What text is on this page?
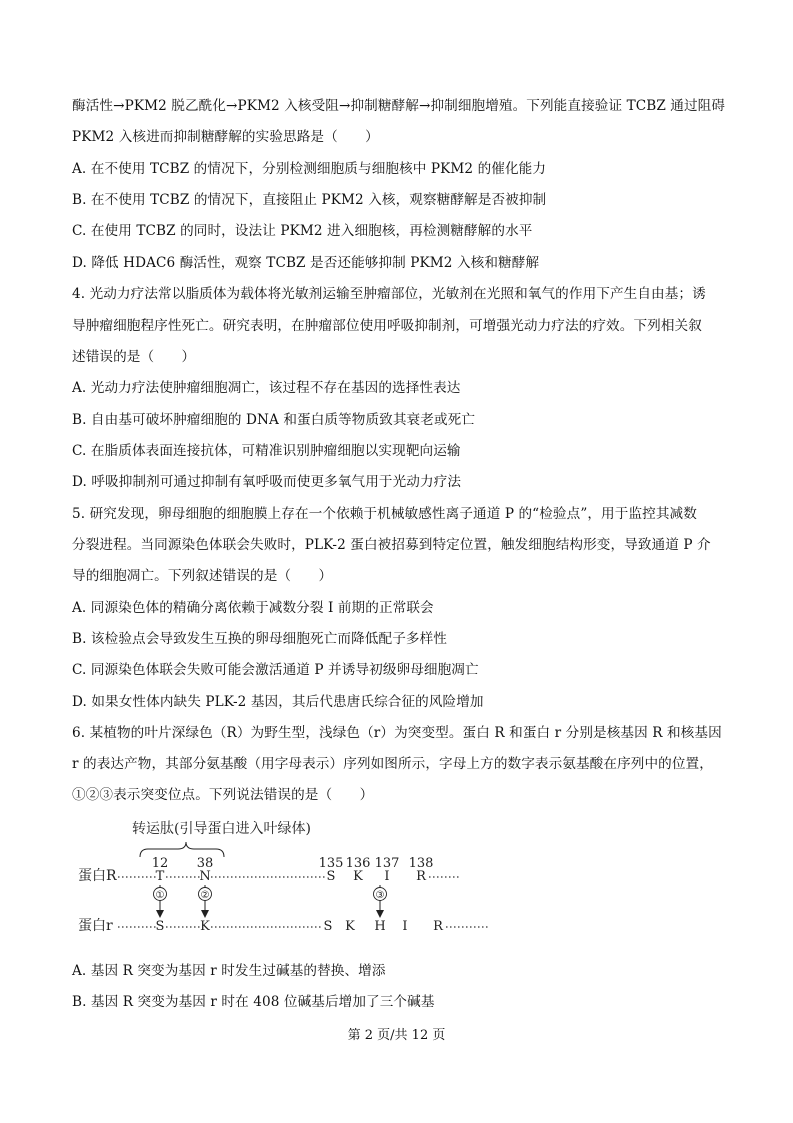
酶活性→PKM2 脱乙酰化→PKM2 入核受阻→抑制糖酵解→抑制细胞增殖。下列能直接验证 TCBZ 通过阻碍
PKM2 入核进而抑制糖酵解的实验思路是（　　）
A. 在不使用 TCBZ 的情况下，分别检测细胞质与细胞核中 PKM2 的催化能力
B. 在不使用 TCBZ 的情况下，直接阻止 PKM2 入核，观察糖酵解是否被抑制
C. 在使用 TCBZ 的同时，设法让 PKM2 进入细胞核，再检测糖酵解的水平
D. 降低 HDAC6 酶活性，观察 TCBZ 是否还能够抑制 PKM2 入核和糖酵解
4. 光动力疗法常以脂质体为载体将光敏剂运输至肿瘤部位，光敏剂在光照和氧气的作用下产生自由基；诱
导肿瘤细胞程序性死亡。研究表明，在肿瘤部位使用呼吸抑制剂，可增强光动力疗法的疗效。下列相关叙
述错误的是（　　）
A. 光动力疗法使肿瘤细胞凋亡，该过程不存在基因的选择性表达
B. 自由基可破坏肿瘤细胞的 DNA 和蛋白质等物质致其衰老或死亡
C. 在脂质体表面连接抗体，可精准识别肿瘤细胞以实现靶向运输
D. 呼吸抑制剂可通过抑制有氧呼吸而使更多氧气用于光动力疗法
5. 研究发现，卵母细胞的细胞膜上存在一个依赖于机械敏感性离子通道 P 的“检验点”，用于监控其减数
分裂进程。当同源染色体联会失败时，PLK-2 蛋白被招募到特定位置，触发细胞结构形变，导致通道 P 介
导的细胞凋亡。下列叙述错误的是（　　）
A. 同源染色体的精确分离依赖于减数分裂 Ⅰ 前期的正常联会
B. 该检验点会导致发生互换的卵母细胞死亡而降低配子多样性
C. 同源染色体联会失败可能会激活通道 P 并诱导初级卵母细胞凋亡
D. 如果女性体内缺失 PLK-2 基因，其后代患唐氏综合征的风险增加
6. 某植物的叶片深绿色（R）为野生型，浅绿色（r）为突变型。蛋白 R 和蛋白 r 分别是核基因 R 和核基因
r 的表达产物，其部分氨基酸（用字母表示）序列如图所示，字母上方的数字表示氨基酸在序列中的位置，
①②③表示突变位点。下列说法错误的是（　　）
转运肽(引导蛋白进入叶绿体)
12 38	135 136 137 138
蛋白R	T	N	S K I R
①	②	③
蛋白r	S	K	S K H I R
A. 基因 R 突变为基因 r 时发生过碱基的替换、增添
B. 基因 R 突变为基因 r 时在 408 位碱基后增加了三个碱基
第 2 页/共 12 页
